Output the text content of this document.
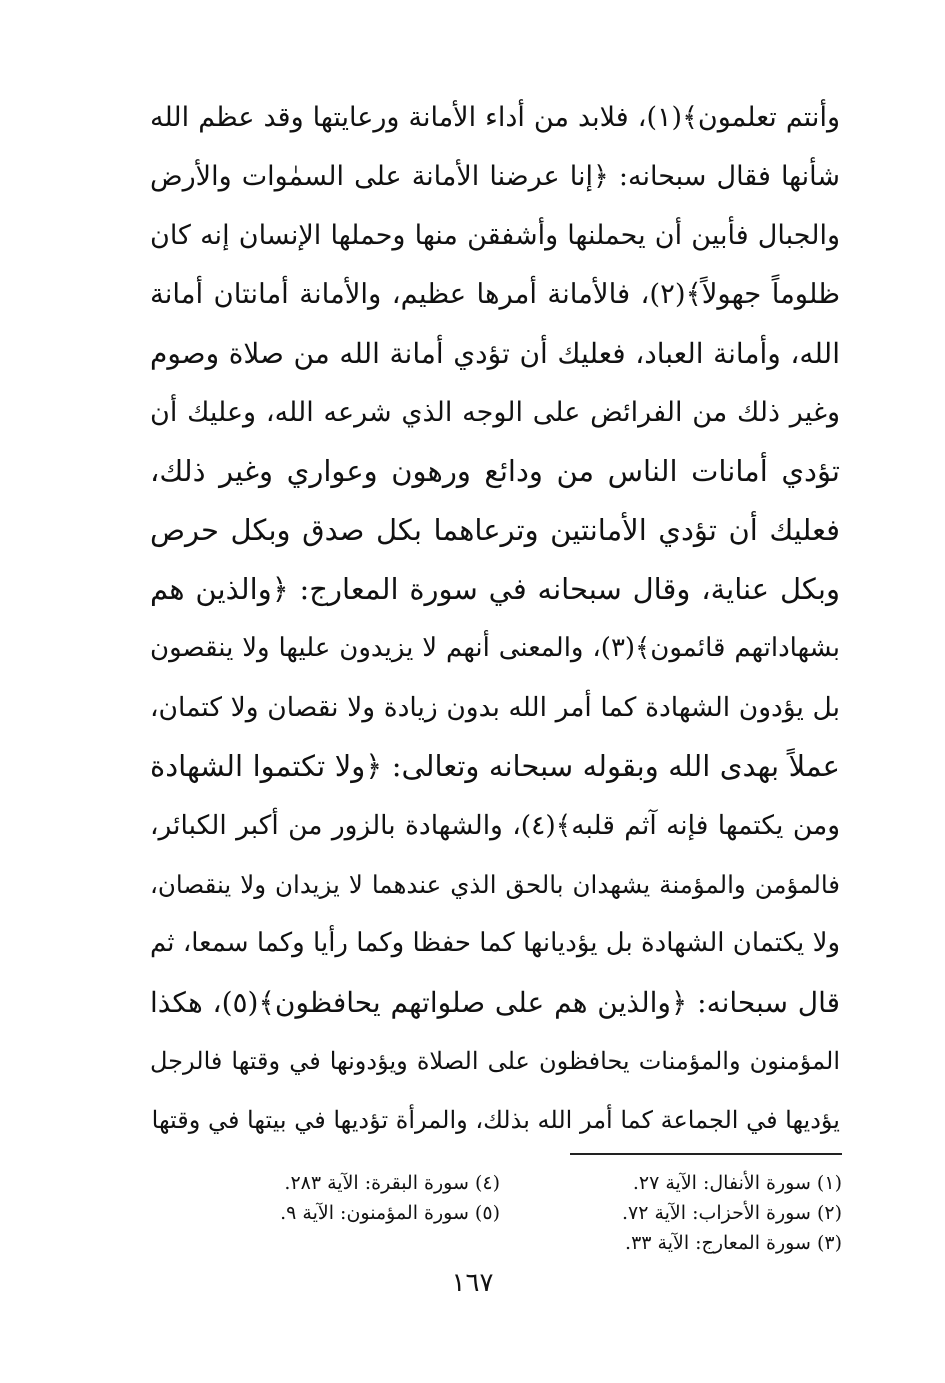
وأنتم تعلمون﴾(١)، فلابد من أداء الأمانة ورعايتها وقد عظم الله
شأنها فقال سبحانه: ﴿إنا عرضنا الأمانة على السمٰوات والأرض
والجبال فأبين أن يحملنها وأشفقن منها وحملها الإنسان إنه كان
ظلوماً جهولاً﴾(٢)، فالأمانة أمرها عظيم، والأمانة أمانتان أمانة
الله، وأمانة العباد، فعليك أن تؤدي أمانة الله من صلاة وصوم
وغير ذلك من الفرائض على الوجه الذي شرعه الله، وعليك أن
تؤدي أمانات الناس من ودائع ورهون وعواري وغير ذلك،
فعليك أن تؤدي الأمانتين وترعاهما بكل صدق وبكل حرص
وبكل عناية، وقال سبحانه في سورة المعارج: ﴿والذين هم
بشهاداتهم قائمون﴾(٣)، والمعنى أنهم لا يزيدون عليها ولا ينقصون
بل يؤدون الشهادة كما أمر الله بدون زيادة ولا نقصان ولا كتمان،
عملاً بهدى الله وبقوله سبحانه وتعالى: ﴿ولا تكتموا الشهادة
ومن يكتمها فإنه آثم قلبه﴾(٤)، والشهادة بالزور من أكبر الكبائر،
فالمؤمن والمؤمنة يشهدان بالحق الذي عندهما لا يزيدان ولا ينقصان،
ولا يكتمان الشهادة بل يؤديانها كما حفظا وكما رأيا وكما سمعا، ثم
قال سبحانه: ﴿والذين هم على صلواتهم يحافظون﴾(٥)، هكذا
المؤمنون والمؤمنات يحافظون على الصلاة ويؤدونها في وقتها فالرجل
يؤديها في الجماعة كما أمر الله بذلك، والمرأة تؤديها في بيتها في وقتها
(١) سورة الأنفال: الآية ٢٧.
(٢) سورة الأحزاب: الآية ٧٢.
(٣) سورة المعارج: الآية ٣٣.
(٤) سورة البقرة: الآية ٢٨٣.
(٥) سورة المؤمنون: الآية ٩.
١٦٧
